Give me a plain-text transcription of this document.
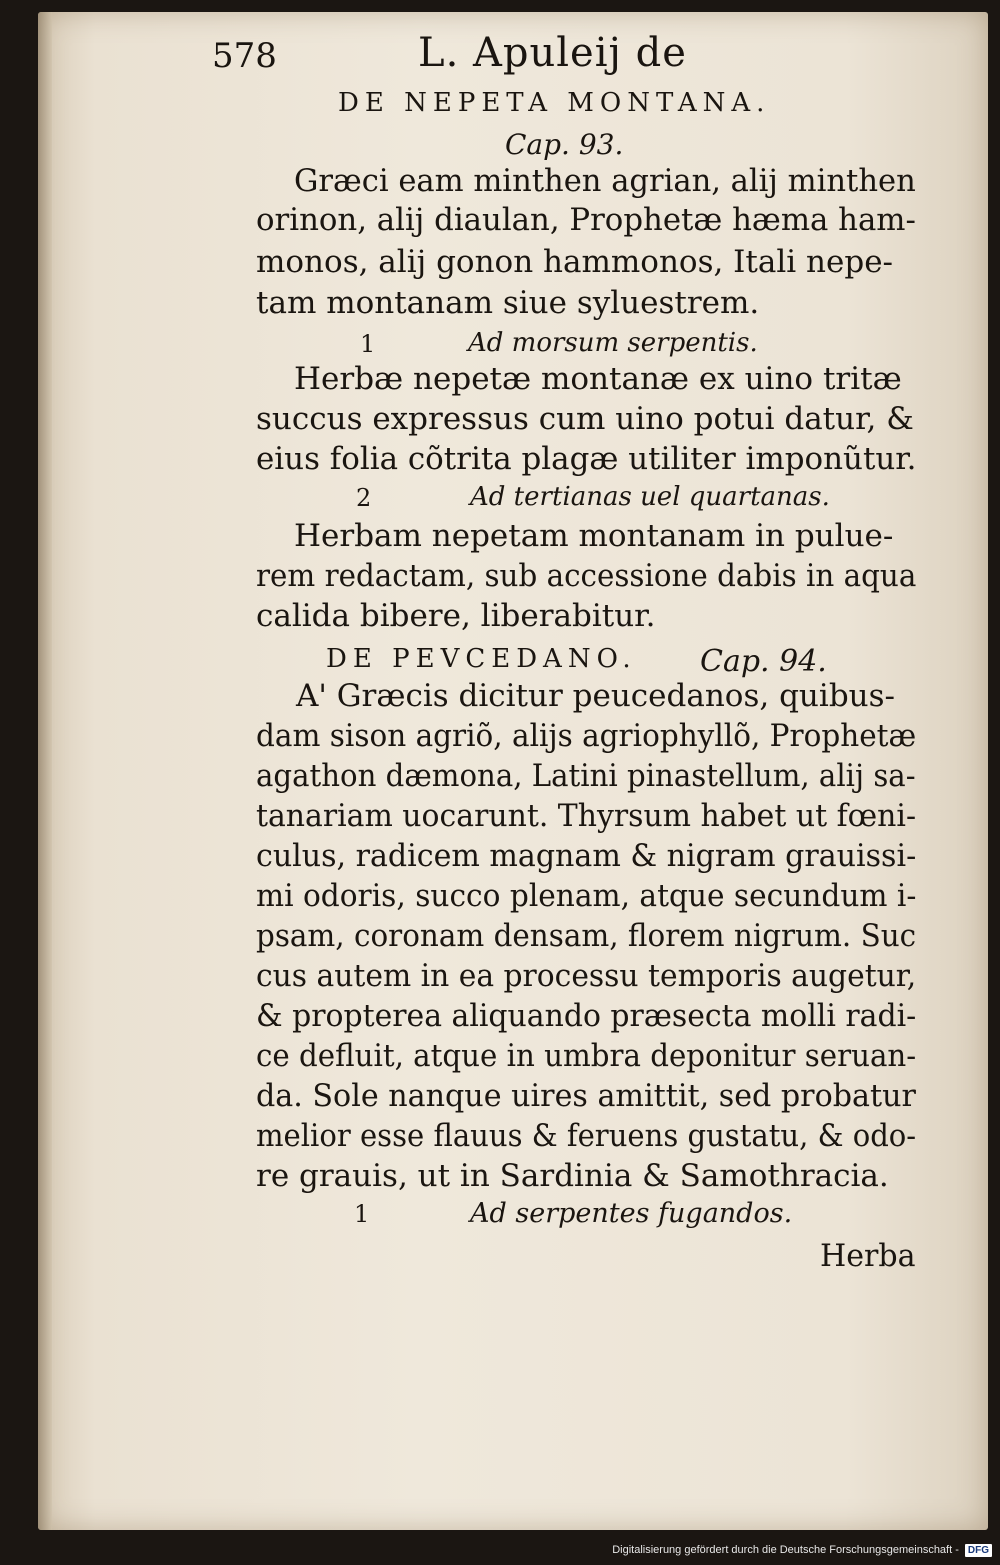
578	L. Apuleij de
DE NEPETA MONTANA.
Cap. 93.
Græci eam minthen agrian, alij minthen
orinon, alij diaulan, Prophetæ hæma ham-
monos, alij gonon hammonos, Itali nepe-
tam montanam siue syluestrem.
1	Ad morsum serpentis.
Herbæ nepetæ montanæ ex uino tritæ
succus expressus cum uino potui datur, &
eius folia cõtrita plagæ utiliter imponũtur.
2	Ad tertianas uel quartanas.
Herbam nepetam montanam in pulue-
rem redactam, sub accessione dabis in aqua
calida bibere, liberabitur.
DE PEVCEDANO. Cap. 94.
A' Græcis dicitur peucedanos, quibus-
dam sison agriõ, alijs agriophyllõ, Prophetæ
agathon dæmona, Latini pinastellum, alij sa-
tanariam uocarunt. Thyrsum habet ut fœni-
culus, radicem magnam & nigram grauissi-
mi odoris, succo plenam, atque secundum i-
psam, coronam densam, florem nigrum. Suc
cus autem in ea processu temporis augetur,
& propterea aliquando præsecta molli radi-
ce defluit, atque in umbra deponitur seruan-
da. Sole nanque uires amittit, sed probatur
melior esse flauus & feruens gustatu, & odo-
re grauis, ut in Sardinia & Samothracia.
1	Ad serpentes fugandos.
Herba
Digitalisierung gefördert durch die Deutsche Forschungsgemeinschaft - DFG
